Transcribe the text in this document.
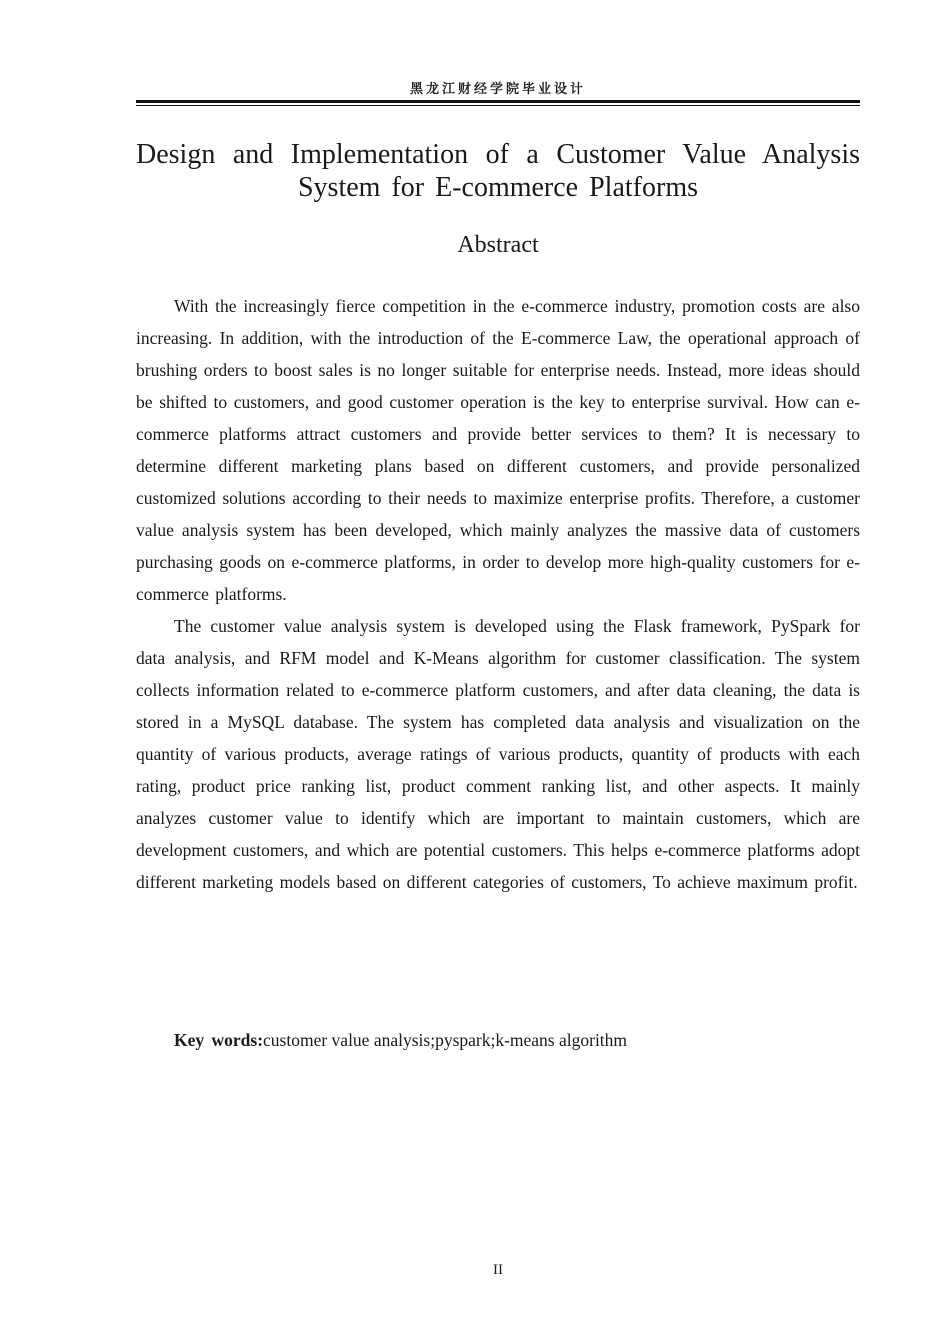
黑龙江财经学院毕业设计
Design and Implementation of a Customer Value Analysis System for E-commerce Platforms
Abstract

With the increasingly fierce competition in the e-commerce industry, promotion costs are also increasing. In addition, with the introduction of the E-commerce Law, the operational approach of brushing orders to boost sales is no longer suitable for enterprise needs. Instead, more ideas should be shifted to customers, and good customer operation is the key to enterprise survival. How can e-commerce platforms attract customers and provide better services to them? It is necessary to determine different marketing plans based on different customers, and provide personalized customized solutions according to their needs to maximize enterprise profits. Therefore, a customer value analysis system has been developed, which mainly analyzes the massive data of customers purchasing goods on e-commerce platforms, in order to develop more high-quality customers for e-commerce platforms.

The customer value analysis system is developed using the Flask framework, PySpark for data analysis, and RFM model and K-Means algorithm for customer classification. The system collects information related to e-commerce platform customers, and after data cleaning, the data is stored in a MySQL database. The system has completed data analysis and visualization on the quantity of various products, average ratings of various products, quantity of products with each rating, product price ranking list, product comment ranking list, and other aspects. It mainly analyzes customer value to identify which are important to maintain customers, which are development customers, and which are potential customers. This helps e-commerce platforms adopt different marketing models based on different categories of customers, To achieve maximum profit.

Key words:customer value analysis;pyspark;k-means algorithm
II
